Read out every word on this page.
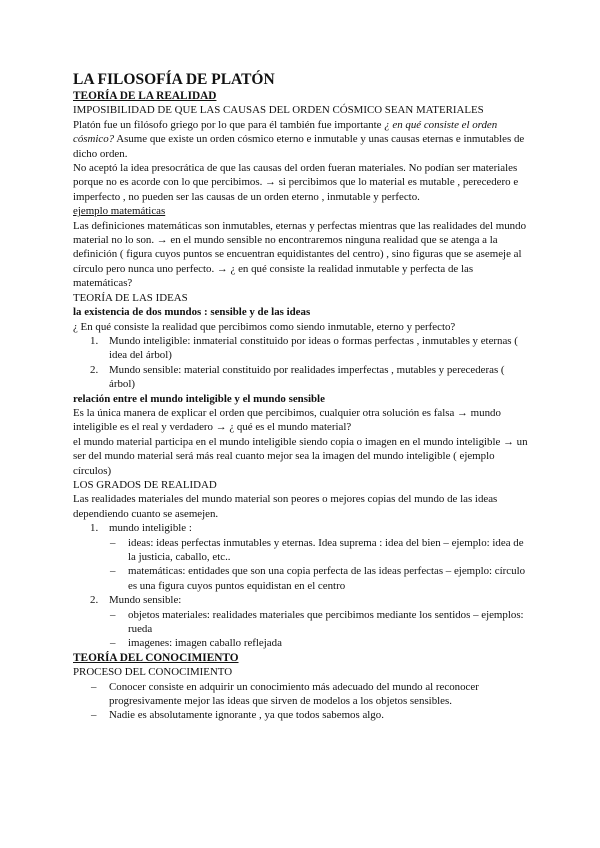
LA FILOSOFÍA DE PLATÓN
TEORÍA DE LA REALIDAD
IMPOSIBILIDAD DE QUE LAS CAUSAS DEL ORDEN CÓSMICO SEAN MATERIALES

Platón fue un filósofo griego por lo que para él también fue importante ¿ en qué consiste el orden cósmico? Asume que existe un orden cósmico eterno e inmutable y unas causas eternas e inmutables de dicho orden.

No aceptó la idea presocrática de que las causas del orden fueran materiales. No podían ser materiales porque no es acorde con lo que percibimos. → si percibimos que lo material es mutable , perecedero e imperfecto , no pueden ser las causas de un orden eterno , inmutable y perfecto.

ejemplo matemáticas

Las definiciones matemáticas son inmutables, eternas y perfectas mientras que las realidades del mundo material no lo son. → en el mundo sensible no encontraremos ninguna realidad que se atenga a la definición ( figura cuyos puntos se encuentran equidistantes del centro) , sino figuras que se asemeje al círculo pero nunca uno perfecto. → ¿ en qué consiste la realidad inmutable y perfecta de las matemáticas?

TEORÍA DE LAS IDEAS
la existencia de dos mundos : sensible y de las ideas

¿ En qué consiste la realidad que percibimos como siendo inmutable, eterno y perfecto?

1. Mundo inteligible: inmaterial constituido por ideas o formas perfectas , inmutables y eternas ( idea del árbol)
2. Mundo sensible: material constituido por realidades imperfectas , mutables y perecederas ( árbol)
relación entre el mundo inteligible y el mundo sensible

Es la única manera de explicar el orden que percibimos, cualquier otra solución es falsa → mundo inteligible es el real y verdadero → ¿ qué es el mundo material?

el mundo material participa en el mundo inteligible siendo copia o imagen en el mundo inteligible → un ser del mundo material será más real cuanto mejor sea la imagen del mundo inteligible ( ejemplo círculos)

LOS GRADOS DE REALIDAD

Las realidades materiales del mundo material son peores o mejores copias del mundo de las ideas dependiendo cuanto se asemejen.

1. mundo inteligible :
– ideas: ideas perfectas inmutables y eternas. Idea suprema : idea del bien – ejemplo: idea de la justicia, caballo, etc..
– matemáticas: entidades que son una copia perfecta de las ideas perfectas – ejemplo: círculo es una figura cuyos puntos equidistan en el centro
2. Mundo sensible:
– objetos materiales: realidades materiales que percibimos mediante los sentidos – ejemplos: rueda
– imagenes: imagen caballo reflejada
TEORÍA DEL CONOCIMIENTO
PROCESO DEL CONOCIMIENTO
– Conocer consiste en adquirir un conocimiento más adecuado del mundo al reconocer progresivamente mejor las ideas que sirven de modelos a los objetos sensibles.
– Nadie es absolutamente ignorante , ya que todos sabemos algo.
